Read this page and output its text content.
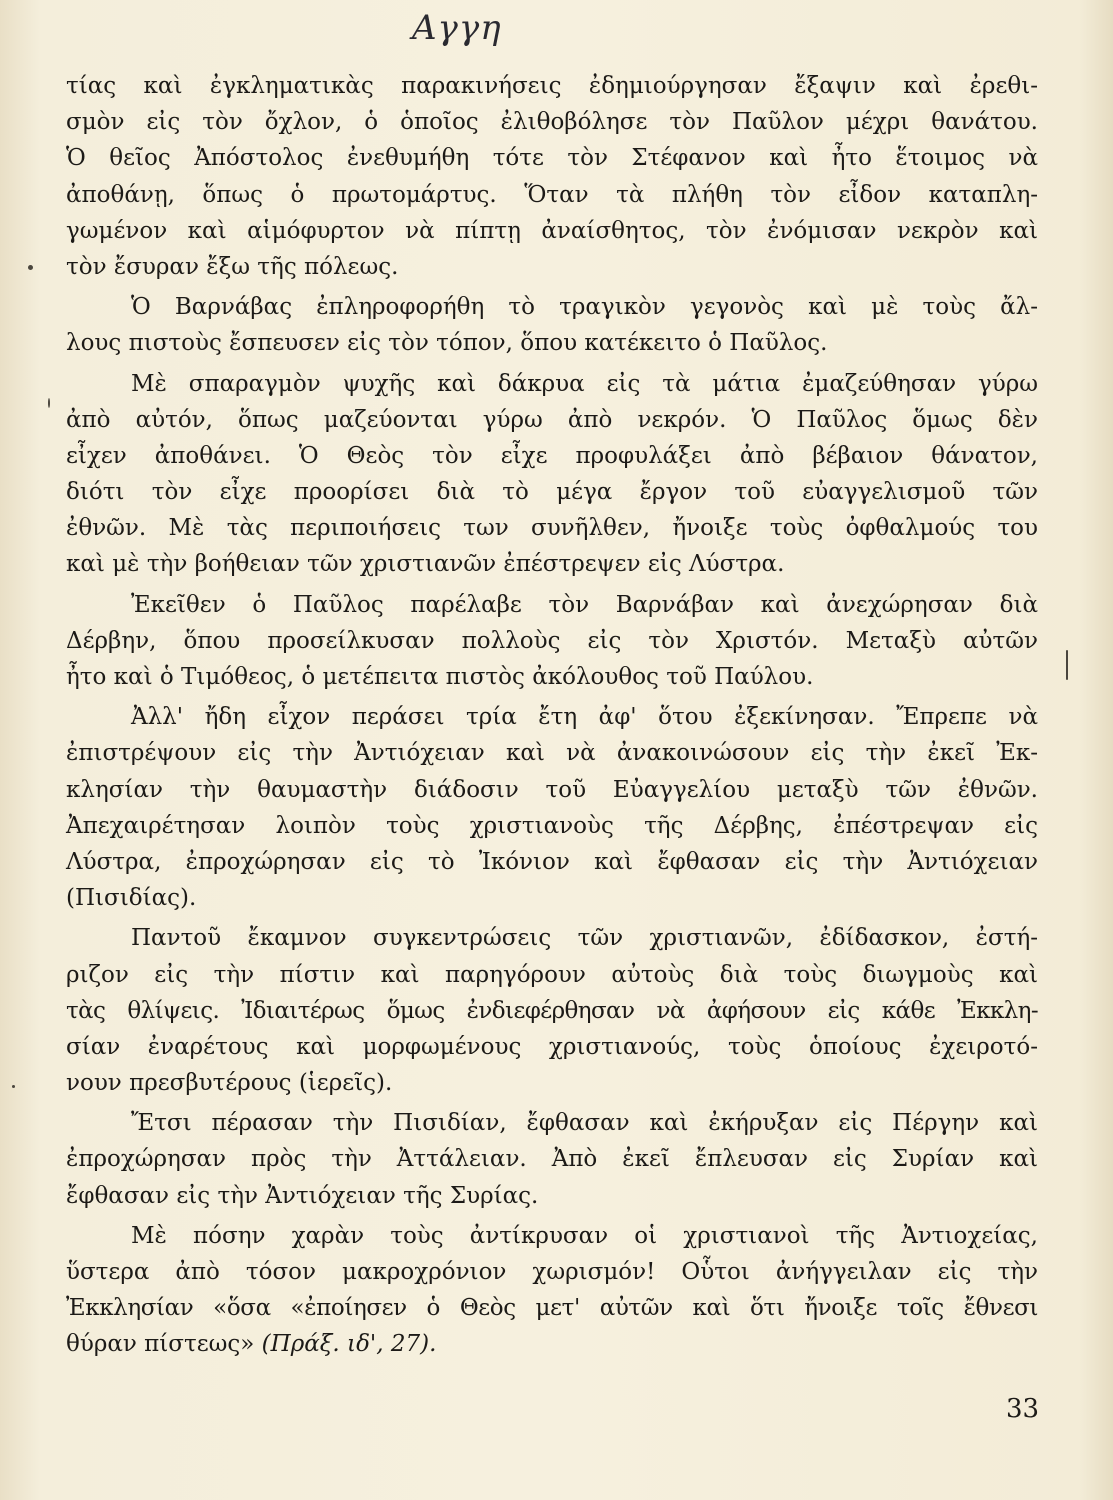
Αγγη
τίας καὶ ἐγκληματικὰς παρακινήσεις ἐδημιούργησαν ἔξαψιν καὶ ἐρεθι-
σμὸν εἰς τὸν ὄχλον, ὁ ὁποῖος ἐλιθοβόλησε τὸν Παῦλον μέχρι θανάτου.
Ὁ θεῖος Ἀπόστολος ἐνεθυμήθη τότε τὸν Στέφανον καὶ ἦτο ἕτοιμος νὰ
ἀποθάνῃ, ὅπως ὁ πρωτομάρτυς. Ὅταν τὰ πλήθη τὸν εἶδον καταπλη-
γωμένον καὶ αἱμόφυρτον νὰ πίπτῃ ἀναίσθητος, τὸν ἐνόμισαν νεκρὸν καὶ
τὸν ἔσυραν ἔξω τῆς πόλεως.
Ὁ Βαρνάβας ἐπληροφορήθη τὸ τραγικὸν γεγονὸς καὶ μὲ τοὺς ἄλ-
λους πιστοὺς ἔσπευσεν εἰς τὸν τόπον, ὅπου κατέκειτο ὁ Παῦλος.
Μὲ σπαραγμὸν ψυχῆς καὶ δάκρυα εἰς τὰ μάτια ἐμαζεύθησαν γύρω
ἀπὸ αὐτόν, ὅπως μαζεύονται γύρω ἀπὸ νεκρόν. Ὁ Παῦλος ὅμως δὲν
εἶχεν ἀποθάνει. Ὁ Θεὸς τὸν εἶχε προφυλάξει ἀπὸ βέβαιον θάνατον,
διότι τὸν εἶχε προορίσει διὰ τὸ μέγα ἔργον τοῦ εὐαγγελισμοῦ τῶν
ἐθνῶν. Μὲ τὰς περιποιήσεις των συνῆλθεν, ἤνοιξε τοὺς ὀφθαλμούς του
καὶ μὲ τὴν βοήθειαν τῶν χριστιανῶν ἐπέστρεψεν εἰς Λύστρα.
Ἐκεῖθεν ὁ Παῦλος παρέλαβε τὸν Βαρνάβαν καὶ ἀνεχώρησαν διὰ
Δέρβην, ὅπου προσείλκυσαν πολλοὺς εἰς τὸν Χριστόν. Μεταξὺ αὐτῶν
ἦτο καὶ ὁ Τιμόθεος, ὁ μετέπειτα πιστὸς ἀκόλουθος τοῦ Παύλου.
Ἀλλ' ἤδη εἶχον περάσει τρία ἔτη ἀφ' ὅτου ἐξεκίνησαν. Ἔπρεπε νὰ
ἐπιστρέψουν εἰς τὴν Ἀντιόχειαν καὶ νὰ ἀνακοινώσουν εἰς τὴν ἐκεῖ Ἐκ-
κλησίαν τὴν θαυμαστὴν διάδοσιν τοῦ Εὐαγγελίου μεταξὺ τῶν ἐθνῶν.
Ἀπεχαιρέτησαν λοιπὸν τοὺς χριστιανοὺς τῆς Δέρβης, ἐπέστρεψαν εἰς
Λύστρα, ἐπροχώρησαν εἰς τὸ Ἰκόνιον καὶ ἔφθασαν εἰς τὴν Ἀντιόχειαν
(Πισιδίας).
Παντοῦ ἔκαμνον συγκεντρώσεις τῶν χριστιανῶν, ἐδίδασκον, ἐστή-
ριζον εἰς τὴν πίστιν καὶ παρηγόρουν αὐτοὺς διὰ τοὺς διωγμοὺς καὶ
τὰς θλίψεις. Ἰδιαιτέρως ὅμως ἐνδιεφέρθησαν νὰ ἀφήσουν εἰς κάθε Ἐκκλη-
σίαν ἐναρέτους καὶ μορφωμένους χριστιανούς, τοὺς ὁποίους ἐχειροτό-
νουν πρεσβυτέρους (ἱερεῖς).
Ἔτσι πέρασαν τὴν Πισιδίαν, ἔφθασαν καὶ ἐκήρυξαν εἰς Πέργην καὶ
ἐπροχώρησαν πρὸς τὴν Ἀττάλειαν. Ἀπὸ ἐκεῖ ἔπλευσαν εἰς Συρίαν καὶ
ἔφθασαν εἰς τὴν Ἀντιόχειαν τῆς Συρίας.
Μὲ πόσην χαρὰν τοὺς ἀντίκρυσαν οἱ χριστιανοὶ τῆς Ἀντιοχείας,
ὕστερα ἀπὸ τόσον μακροχρόνιον χωρισμόν! Οὗτοι ἀνήγγειλαν εἰς τὴν
Ἐκκλησίαν «ὅσα «ἐποίησεν ὁ Θεὸς μετ' αὐτῶν καὶ ὅτι ἤνοιξε τοῖς ἔθνεσι
θύραν πίστεως» (Πράξ. ιδ', 27).
33
